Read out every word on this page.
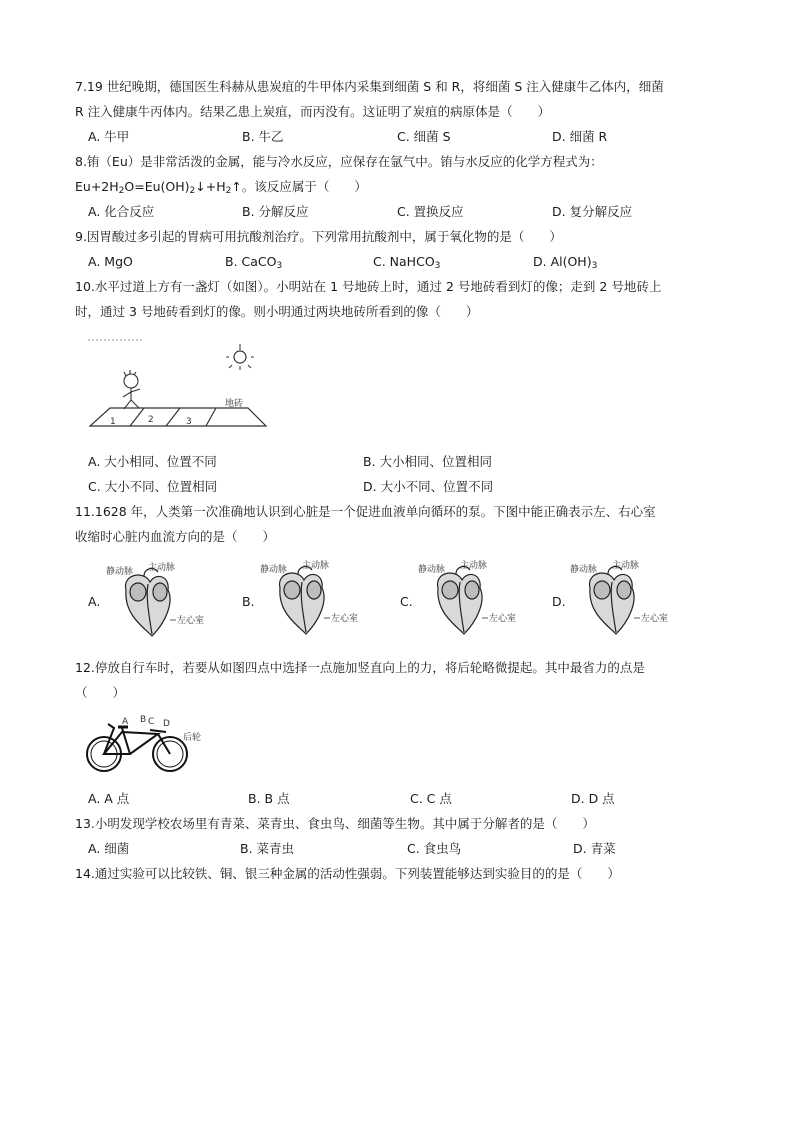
7.19 世纪晚期，德国医生科赫从患炭疽的牛甲体内采集到细菌 S 和 R，将细菌 S 注入健康牛乙体内，细菌
R 注入健康牛丙体内。结果乙患上炭疽，而丙没有。这证明了炭疽的病原体是（　　）
A. 牛甲	B. 牛乙	C. 细菌 S	D. 细菌 R
8.铕（Eu）是非常活泼的金属，能与冷水反应，应保存在氩气中。铕与水反应的化学方程式为：
$Eu+2H_2O=Eu(OH)_2↓+H_2↑$。该反应属于（　　）
A. 化合反应	B. 分解反应	C. 置换反应	D. 复分解反应
9.因胃酸过多引起的胃病可用抗酸剂治疗。下列常用抗酸剂中，属于氧化物的是（　　）
A. MgO	B. CaCO$_3$	C. NaHCO$_3$	D. $Al(OH)_3$
10.水平过道上方有一盏灯（如图）。小明站在 1 号地砖上时，通过 2 号地砖看到灯的像；走到 2 号地砖上
时，通过 3 号地砖看到灯的像。则小明通过两块地砖所看到的像（　　）
1	2	3
地砖
A. 大小相同、位置不同	B. 大小相同、位置相同
C. 大小不同、位置相同	D. 大小不同、位置不同
11.1628 年，人类第一次准确地认识到心脏是一个促进血液单向循环的泵。下图中能正确表示左、右心室
收缩时心脏内血流方向的是（　　）
A.
静动脉 主动脉
左心室
B.
静动脉 主动脉
左心室
C.
静动脉 主动脉
左心室
D.
静动脉 主动脉
左心室
12.停放自行车时，若要从如图四点中选择一点施加竖直向上的力，将后轮略微提起。其中最省力的点是
（　　）
A B C D
后轮
A. A 点	B. B 点	C. C 点	D. D 点
13.小明发现学校农场里有青菜、菜青虫、食虫鸟、细菌等生物。其中属于分解者的是（　　）
A. 细菌	B. 菜青虫	C. 食虫鸟	D. 青菜
14.通过实验可以比较铁、铜、银三种金属的活动性强弱。下列装置能够达到实验目的的是（　　）
